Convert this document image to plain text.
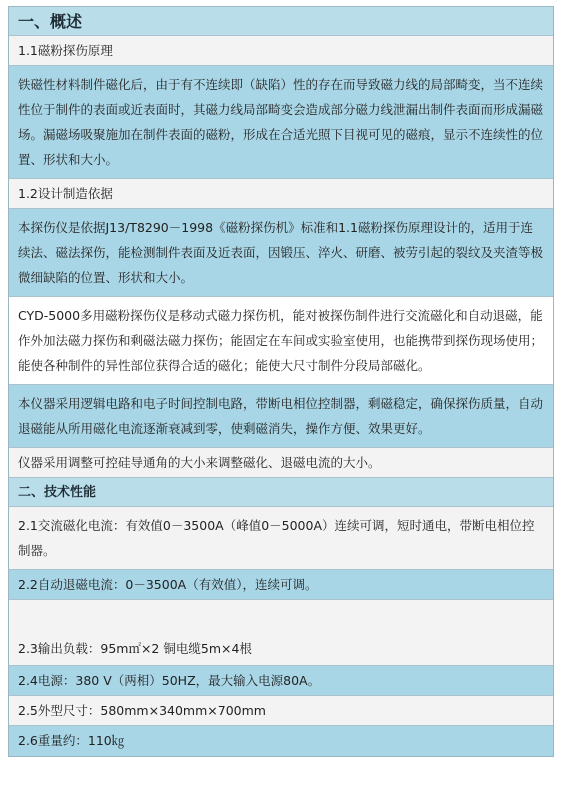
一、概述
1.1磁粉探伤原理
铁磁性材料制件磁化后，由于有不连续即（缺陷）性的存在而导致磁力线的局部畸变，当不连续性位于制件的表面或近表面时，其磁力线局部畸变会造成部分磁力线泄漏出制件表面而形成漏磁场。漏磁场吸聚施加在制件表面的磁粉，形成在合适光照下目视可见的磁痕，显示不连续性的位置、形状和大小。
1.2设计制造依据
本探伤仪是依据J13/T8290－1998《磁粉探伤机》标准和1.1磁粉探伤原理设计的，适用于连续法、磁法探伤，能检测制件表面及近表面，因锻压、淬火、研磨、被劳引起的裂纹及夹渣等极微细缺陷的位置、形状和大小。
CYD-5000多用磁粉探伤仪是移动式磁力探伤机，能对被探伤制件进行交流磁化和自动退磁，能作外加法磁力探伤和剩磁法磁力探伤；能固定在车间或实验室使用，也能携带到探伤现场使用；能使各种制件的异性部位获得合适的磁化；能使大尺寸制件分段局部磁化。
本仪器采用逻辑电路和电子时间控制电路，带断电相位控制器，剩磁稳定，确保探伤质量，自动退磁能从所用磁化电流逐渐衰减到零，使剩磁消失，操作方便、效果更好。
仪器采用调整可控硅导通角的大小来调整磁化、退磁电流的大小。
二、技术性能
2.1交流磁化电流：有效值0－3500A（峰值0－5000A）连续可调，短时通电，带断电相位控制器。
2.2自动退磁电流：0－3500A（有效值），连续可调。
2.3输出负载：95m㎡×2 铜电缆5m×4根
2.4电源：380 V（两相）50HZ，最大输入电源80A。
2.5外型尺寸：580mm×340mm×700mm
2.6重量约：110㎏
